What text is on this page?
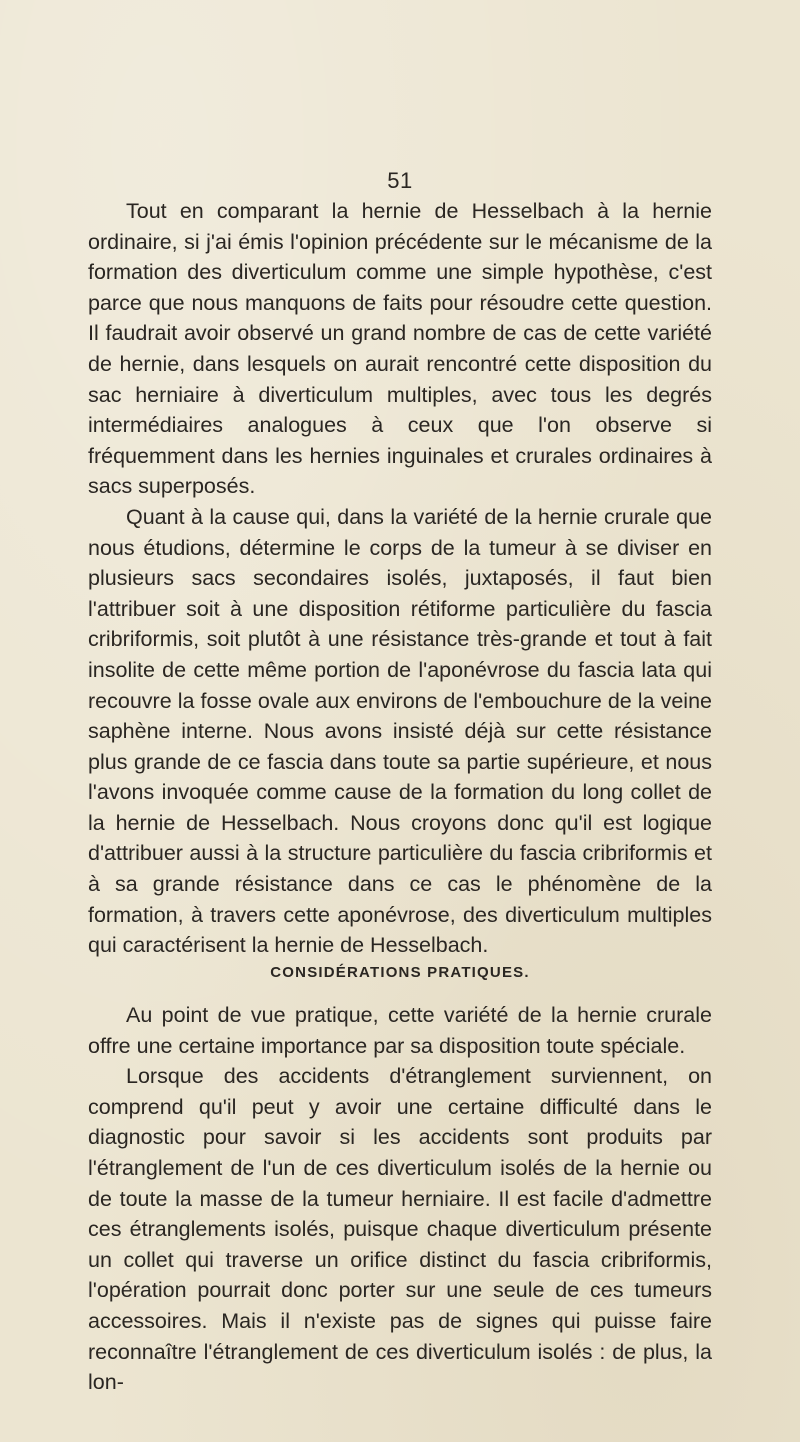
51

Tout en comparant la hernie de Hesselbach à la hernie ordinaire, si j'ai émis l'opinion précédente sur le mécanisme de la formation des diverticulum comme une simple hypothèse, c'est parce que nous manquons de faits pour résoudre cette question. Il faudrait avoir observé un grand nombre de cas de cette variété de hernie, dans lesquels on aurait rencontré cette disposition du sac herniaire à diverticulum multiples, avec tous les degrés intermédiaires analogues à ceux que l'on observe si fréquemment dans les hernies inguinales et crurales ordinaires à sacs superposés.

Quant à la cause qui, dans la variété de la hernie crurale que nous étudions, détermine le corps de la tumeur à se diviser en plusieurs sacs secondaires isolés, juxtaposés, il faut bien l'attribuer soit à une disposition rétiforme particulière du fascia cribriformis, soit plutôt à une résistance très-grande et tout à fait insolite de cette même portion de l'aponévrose du fascia lata qui recouvre la fosse ovale aux environs de l'embouchure de la veine saphène interne. Nous avons insisté déjà sur cette résistance plus grande de ce fascia dans toute sa partie supérieure, et nous l'avons invoquée comme cause de la formation du long collet de la hernie de Hesselbach. Nous croyons donc qu'il est logique d'attribuer aussi à la structure particulière du fascia cribriformis et à sa grande résistance dans ce cas le phénomène de la formation, à travers cette aponévrose, des diverticulum multiples qui caractérisent la hernie de Hesselbach.

CONSIDÉRATIONS PRATIQUES.

Au point de vue pratique, cette variété de la hernie crurale offre une certaine importance par sa disposition toute spéciale.

Lorsque des accidents d'étranglement surviennent, on comprend qu'il peut y avoir une certaine difficulté dans le diagnostic pour savoir si les accidents sont produits par l'étranglement de l'un de ces diverticulum isolés de la hernie ou de toute la masse de la tumeur herniaire. Il est facile d'admettre ces étranglements isolés, puisque chaque diverticulum présente un collet qui traverse un orifice distinct du fascia cribriformis, l'opération pourrait donc porter sur une seule de ces tumeurs accessoires. Mais il n'existe pas de signes qui puisse faire reconnaître l'étranglement de ces diverticulum isolés : de plus, la lon-
